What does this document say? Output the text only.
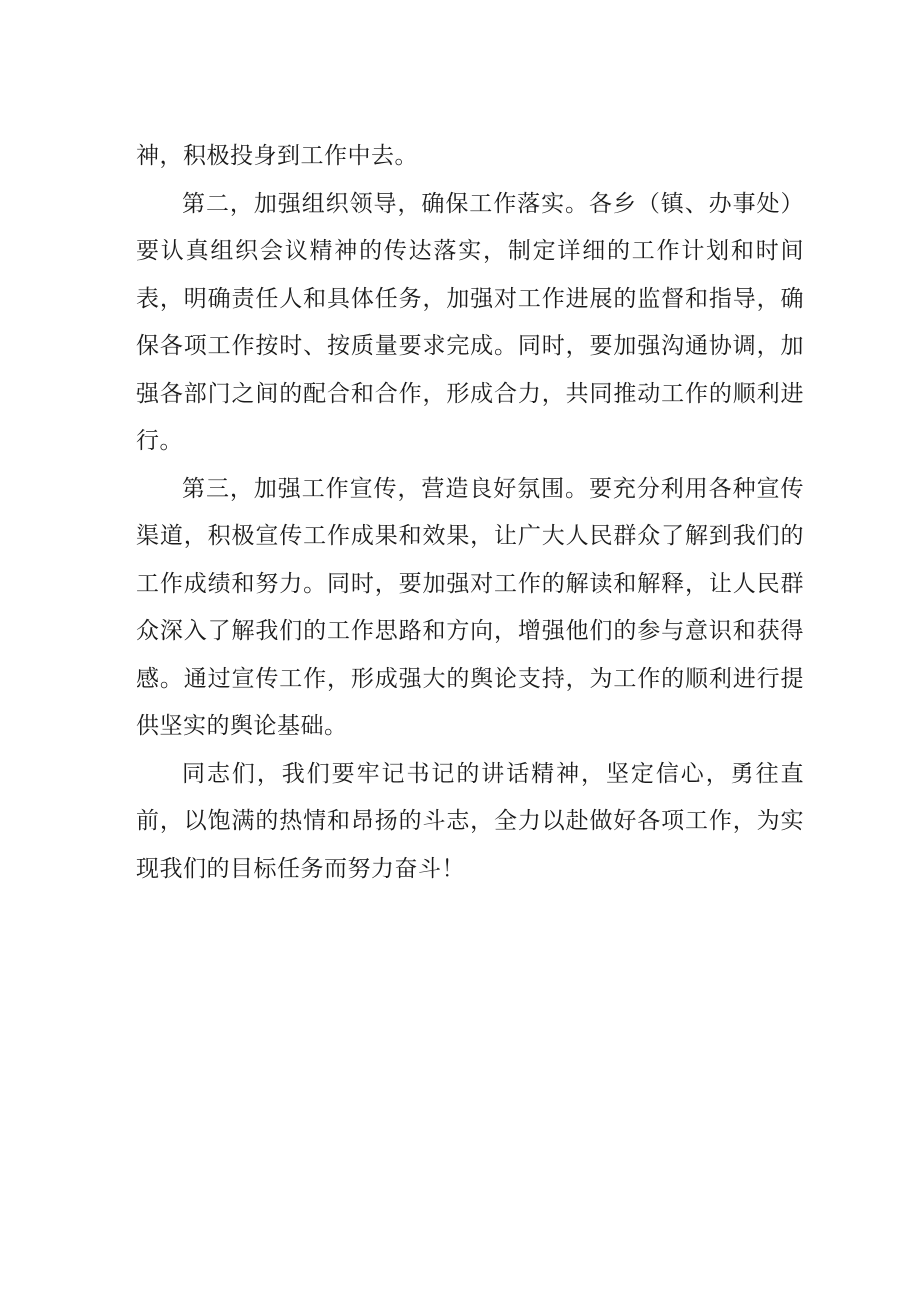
神，积极投身到工作中去。

第二，加强组织领导，确保工作落实。各乡（镇、办事处）要认真组织会议精神的传达落实，制定详细的工作计划和时间表，明确责任人和具体任务，加强对工作进展的监督和指导，确保各项工作按时、按质量要求完成。同时，要加强沟通协调，加强各部门之间的配合和合作，形成合力，共同推动工作的顺利进行。

第三，加强工作宣传，营造良好氛围。要充分利用各种宣传渠道，积极宣传工作成果和效果，让广大人民群众了解到我们的工作成绩和努力。同时，要加强对工作的解读和解释，让人民群众深入了解我们的工作思路和方向，增强他们的参与意识和获得感。通过宣传工作，形成强大的舆论支持，为工作的顺利进行提供坚实的舆论基础。

同志们，我们要牢记书记的讲话精神，坚定信心，勇往直前，以饱满的热情和昂扬的斗志，全力以赴做好各项工作，为实现我们的目标任务而努力奋斗！
